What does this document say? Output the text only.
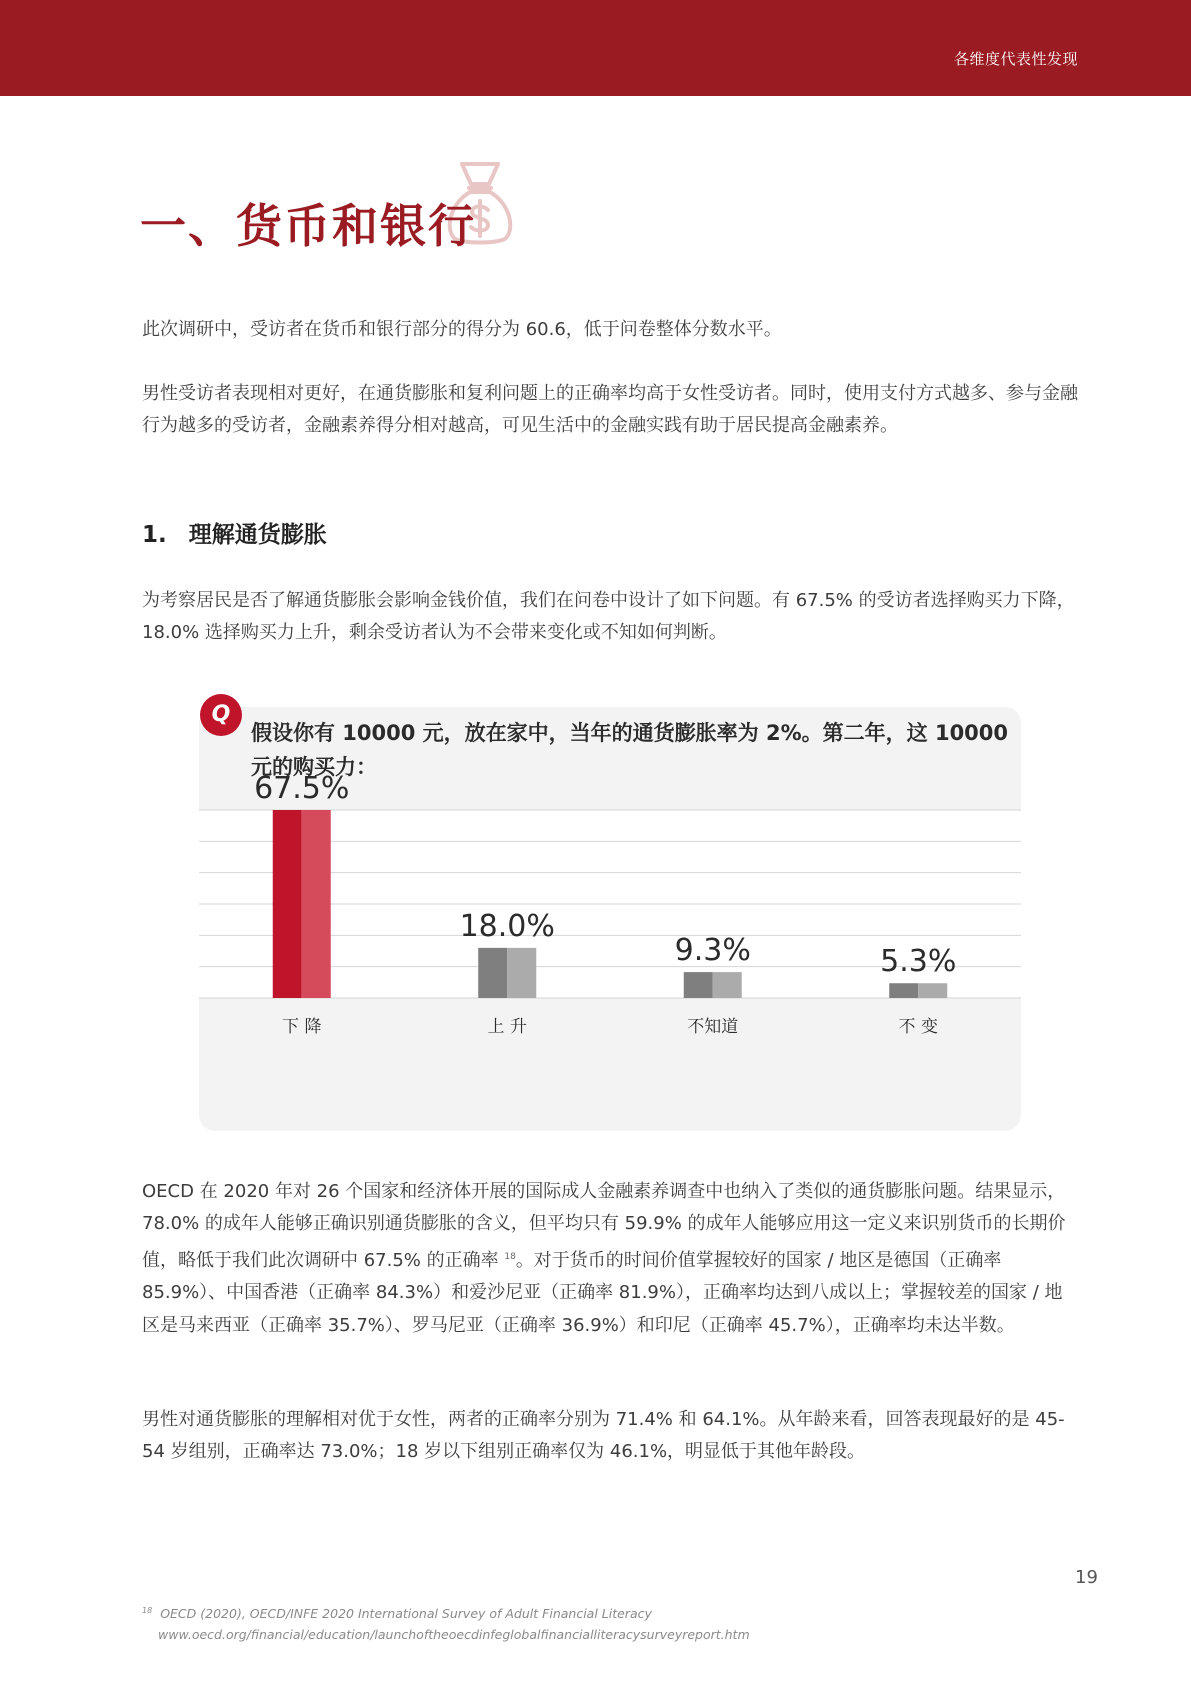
各维度代表性发现
一、货币和银行

此次调研中，受访者在货币和银行部分的得分为 60.6，低于问卷整体分数水平。

男性受访者表现相对更好，在通货膨胀和复利问题上的正确率均高于女性受访者。同时，使用支付方式越多、参与金融行为越多的受访者，金融素养得分相对越高，可见生活中的金融实践有助于居民提高金融素养。

1. 理解通货膨胀

为考察居民是否了解通货膨胀会影响金钱价值，我们在问卷中设计了如下问题。有 67.5% 的受访者选择购买力下降，18.0% 选择购买力上升，剩余受访者认为不会带来变化或不知如何判断。

Q
假设你有 10000 元，放在家中，当年的通货膨胀率为 2%。第二年，这 10000 元的购买力：
67.5%
下 降
18.0%
上 升
9.3%
不知道
5.3%
不 变

OECD 在 2020 年对 26 个国家和经济体开展的国际成人金融素养调查中也纳入了类似的通货膨胀问题。结果显示，78.0% 的成年人能够正确识别通货膨胀的含义，但平均只有 59.9% 的成年人能够应用这一定义来识别货币的长期价值，略低于我们此次调研中 67.5% 的正确率 $^{18}$。对于货币的时间价值掌握较好的国家 / 地区是德国（正确率 85.9%）、中国香港（正确率 84.3%）和爱沙尼亚（正确率 81.9%），正确率均达到八成以上；掌握较差的国家 / 地区是马来西亚（正确率 35.7%）、罗马尼亚（正确率 36.9%）和印尼（正确率 45.7%），正确率均未达半数。

男性对通货膨胀的理解相对优于女性，两者的正确率分别为 71.4% 和 64.1%。从年龄来看，回答表现最好的是 45-54 岁组别，正确率达 73.0%；18 岁以下组别正确率仅为 46.1%，明显低于其他年龄段。

19
$^{18}$ OECD (2020), OECD/INFE 2020 International Survey of Adult Financial Literacy
www.oecd.org/financial/education/launchoftheoecdinfeglobalfinancialliteracysurveyreport.htm
